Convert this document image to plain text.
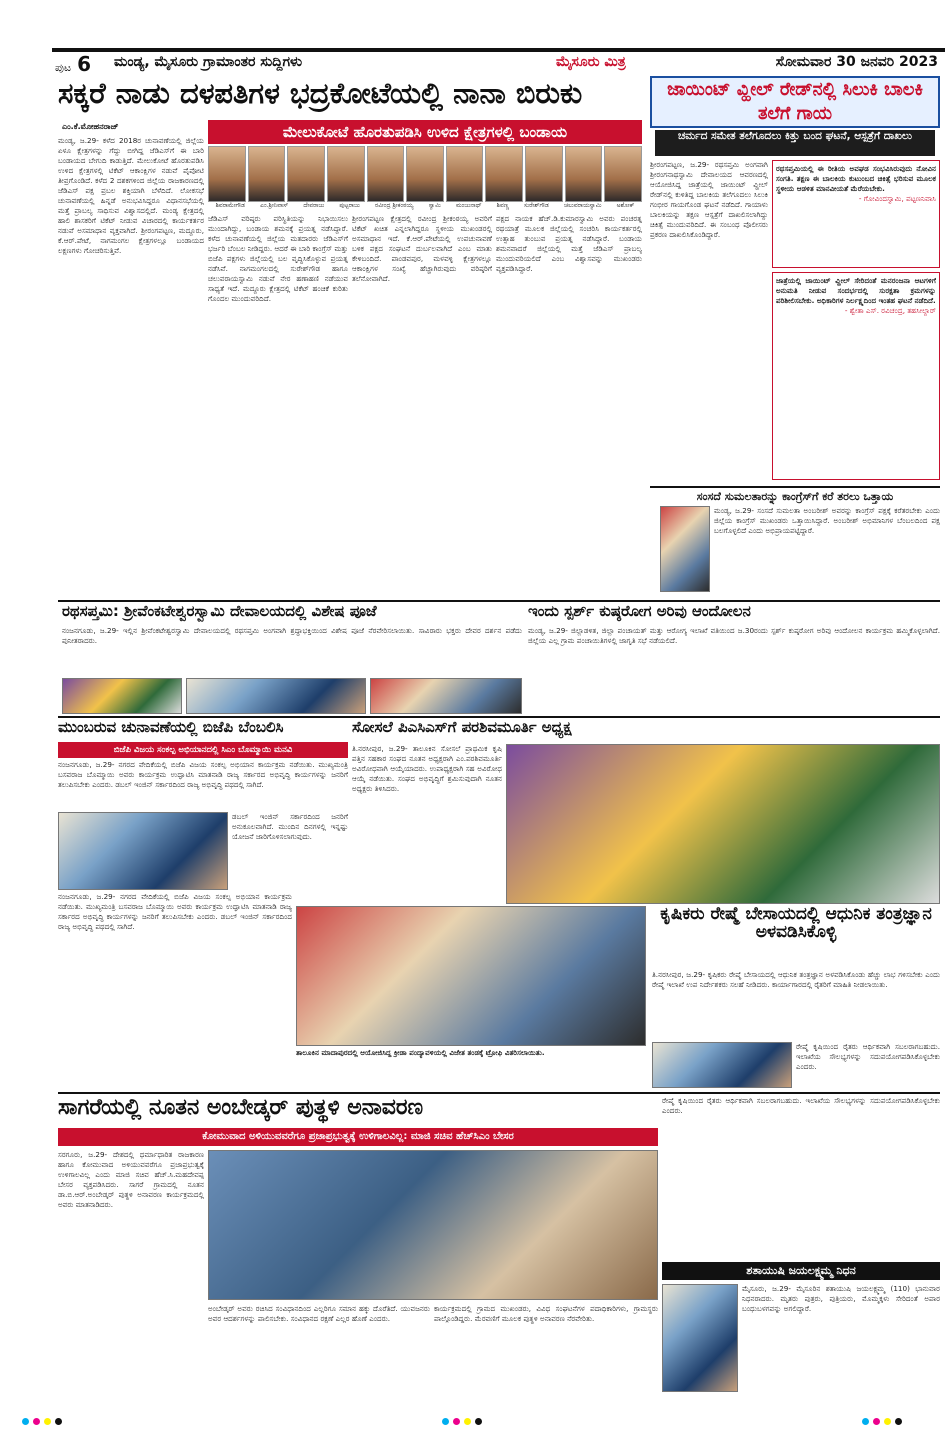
ಪುಟ 6	ಮಂಡ್ಯ, ಮೈಸೂರು ಗ್ರಾಮಾಂತರ ಸುದ್ದಿಗಳು	ಮೈಸೂರು ಮಿತ್ರ	ಸೋಮವಾರ 30 ಜನವರಿ 2023
ಸಕ್ಕರೆ ನಾಡು ದಳಪತಿಗಳ ಭದ್ರಕೋಟೆಯಲ್ಲಿ ನಾನಾ ಬಿರುಕು
ಎಂ.ಕೆ.ಮೋಹನರಾಜ್	ಮೇಲುಕೋಟೆ ಹೊರತುಪಡಿಸಿ ಉಳಿದ ಕ್ಷೇತ್ರಗಳಲ್ಲಿ ಬಂಡಾಯ
ಶಿವರಾಮೇಗೌಡ	ಎಂ.ಶ್ರೀನಿವಾಸ್	ದೇವರಾಜು	ಪುಟ್ಟರಾಜು	ರವೀಂದ್ರ ಶ್ರೀಕಂಠಯ್ಯ	ಸ್ವಾಮಿ	ಮಂಜುನಾಥ್	ಶಿವಣ್ಣ	ಸುರೇಶ್‌ಗೌಡ	ಚಲುವರಾಯಸ್ವಾಮಿ	ಅಶೋಕ್
ಮಂಡ್ಯ, ಜ.29- ಕಳೆದ 2018ರ ಚುನಾವಣೆಯಲ್ಲಿ ಜಿಲ್ಲೆಯ ಏಳೂ ಕ್ಷೇತ್ರಗಳನ್ನು ಗೆದ್ದು ಬೀಗಿದ್ದ ಜೆಡಿಎಸ್‌ಗೆ ಈ ಬಾರಿ ಬಂಡಾಯದ ಬೇಗುದಿ ಕಾಡುತ್ತಿದೆ. ಮೇಲುಕೋಟೆ ಹೊರತುಪಡಿಸಿ ಉಳಿದ ಕ್ಷೇತ್ರಗಳಲ್ಲಿ ಟಿಕೆಟ್ ಆಕಾಂಕ್ಷಿಗಳ ನಡುವೆ ಪೈಪೋಟಿ ತೀವ್ರಗೊಂಡಿದೆ. ಕಳೆದ 2 ದಶಕಗಳಿಂದ ಜಿಲ್ಲೆಯ ರಾಜಕಾರಣದಲ್ಲಿ ಜೆಡಿಎಸ್ ಪಕ್ಷ ಪ್ರಬಲ ಶಕ್ತಿಯಾಗಿ ಬೆಳೆದಿದೆ. ಲೋಕಸಭೆ ಚುನಾವಣೆಯಲ್ಲಿ ಹಿನ್ನಡೆ ಅನುಭವಿಸಿದ್ದರೂ ವಿಧಾನಸಭೆಯಲ್ಲಿ ಮತ್ತೆ ಪ್ರಾಬಲ್ಯ ಸಾಧಿಸುವ ವಿಶ್ವಾಸದಲ್ಲಿದೆ. ಮಂಡ್ಯ ಕ್ಷೇತ್ರದಲ್ಲಿ ಹಾಲಿ ಶಾಸಕರಿಗೆ ಟಿಕೆಟ್ ನೀಡುವ ವಿಚಾರದಲ್ಲಿ ಕಾರ್ಯಕರ್ತರ ನಡುವೆ ಅಸಮಾಧಾನ ವ್ಯಕ್ತವಾಗಿದೆ. ಶ್ರೀರಂಗಪಟ್ಟಣ, ಮದ್ದೂರು, ಕೆ.ಆರ್.ಪೇಟೆ, ನಾಗಮಂಗಲ ಕ್ಷೇತ್ರಗಳಲ್ಲೂ ಬಂಡಾಯದ ಲಕ್ಷಣಗಳು ಗೋಚರಿಸುತ್ತಿವೆ.
ಜೆಡಿಎಸ್ ವರಿಷ್ಠರು ಪರಿಸ್ಥಿತಿಯನ್ನು ನಿಭಾಯಿಸಲು ಮುಂದಾಗಿದ್ದು, ಬಂಡಾಯ ಶಮನಕ್ಕೆ ಪ್ರಯತ್ನ ನಡೆಸಿದ್ದಾರೆ. ಕಳೆದ ಚುನಾವಣೆಯಲ್ಲಿ ಜಿಲ್ಲೆಯ ಮತದಾರರು ಜೆಡಿಎಸ್‌ಗೆ ಭರ್ಜರಿ ಬೆಂಬಲ ನೀಡಿದ್ದರು. ಆದರೆ ಈ ಬಾರಿ ಕಾಂಗ್ರೆಸ್ ಮತ್ತು ಬಿಜೆಪಿ ಪಕ್ಷಗಳು ಜಿಲ್ಲೆಯಲ್ಲಿ ಬಲ ವೃದ್ಧಿಸಿಕೊಳ್ಳುವ ಪ್ರಯತ್ನ ನಡೆಸಿವೆ. ನಾಗಮಂಗಲದಲ್ಲಿ ಸುರೇಶ್‌ಗೌಡ ಹಾಗೂ ಚಲುವರಾಯಸ್ವಾಮಿ ನಡುವೆ ನೇರ ಹಣಾಹಣಿ ನಡೆಯುವ ಸಾಧ್ಯತೆ ಇದೆ. ಮದ್ದೂರು ಕ್ಷೇತ್ರದಲ್ಲಿ ಟಿಕೆಟ್ ಹಂಚಿಕೆ ಕುರಿತು ಗೊಂದಲ ಮುಂದುವರಿದಿದೆ.
ಶ್ರೀರಂಗಪಟ್ಟಣ ಕ್ಷೇತ್ರದಲ್ಲಿ ರವೀಂದ್ರ ಶ್ರೀಕಂಠಯ್ಯ ಅವರಿಗೆ ಟಿಕೆಟ್ ಖಚಿತ ಎನ್ನಲಾಗಿದ್ದರೂ ಸ್ಥಳೀಯ ಮುಖಂಡರಲ್ಲಿ ಅಸಮಾಧಾನ ಇದೆ. ಕೆ.ಆರ್.ಪೇಟೆಯಲ್ಲಿ ಉಪಚುನಾವಣೆ ಬಳಿಕ ಪಕ್ಷದ ಸಂಘಟನೆ ದುರ್ಬಲವಾಗಿದೆ ಎಂಬ ಮಾತು ಕೇಳಿಬಂದಿದೆ. ಪಾಂಡವಪುರ, ಮಳವಳ್ಳಿ ಕ್ಷೇತ್ರಗಳಲ್ಲೂ ಆಕಾಂಕ್ಷಿಗಳ ಸಂಖ್ಯೆ ಹೆಚ್ಚಾಗಿರುವುದು ವರಿಷ್ಠರಿಗೆ ತಲೆನೋವಾಗಿದೆ.
ಪಕ್ಷದ ನಾಯಕ ಹೆಚ್.ಡಿ.ಕುಮಾರಸ್ವಾಮಿ ಅವರು ಪಂಚರತ್ನ ರಥಯಾತ್ರೆ ಮೂಲಕ ಜಿಲ್ಲೆಯಲ್ಲಿ ಸಂಚರಿಸಿ ಕಾರ್ಯಕರ್ತರಲ್ಲಿ ಉತ್ಸಾಹ ತುಂಬುವ ಪ್ರಯತ್ನ ನಡೆಸಿದ್ದಾರೆ. ಬಂಡಾಯ ಶಮನವಾದರೆ ಜಿಲ್ಲೆಯಲ್ಲಿ ಮತ್ತೆ ಜೆಡಿಎಸ್ ಪ್ರಾಬಲ್ಯ ಮುಂದುವರಿಯಲಿದೆ ಎಂಬ ವಿಶ್ವಾಸವನ್ನು ಮುಖಂಡರು ವ್ಯಕ್ತಪಡಿಸಿದ್ದಾರೆ.
ಜಾಯಿಂಟ್ ವ್ಹೀಲ್ ರೇಡ್‌ನಲ್ಲಿ ಸಿಲುಕಿ ಬಾಲಕಿ ತಲೆಗೆ ಗಾಯ
ಚರ್ಮದ ಸಮೇತ ತಲೆಗೂದಲು ಕಿತ್ತು ಬಂದ ಘಟನೆ, ಆಸ್ಪತ್ರೆಗೆ ದಾಖಲು
ಶ್ರೀರಂಗಪಟ್ಟಣ, ಜ.29- ರಥಸಪ್ತಮಿ ಅಂಗವಾಗಿ ಶ್ರೀರಂಗನಾಥಸ್ವಾಮಿ ದೇವಾಲಯದ ಆವರಣದಲ್ಲಿ ಆಯೋಜಿಸಿದ್ದ ಜಾತ್ರೆಯಲ್ಲಿ ಜಾಯಿಂಟ್ ವ್ಹೀಲ್ ರೇಡ್‌ನಲ್ಲಿ ಕುಳಿತಿದ್ದ ಬಾಲಕಿಯ ತಲೆಗೂದಲು ಸಿಲುಕಿ ಗಂಭೀರ ಗಾಯಗೊಂಡ ಘಟನೆ ನಡೆದಿದೆ. ಗಾಯಾಳು ಬಾಲಕಿಯನ್ನು ತಕ್ಷಣ ಆಸ್ಪತ್ರೆಗೆ ದಾಖಲಿಸಲಾಗಿದ್ದು ಚಿಕಿತ್ಸೆ ಮುಂದುವರಿದಿದೆ. ಈ ಸಂಬಂಧ ಪೊಲೀಸರು ಪ್ರಕರಣ ದಾಖಲಿಸಿಕೊಂಡಿದ್ದಾರೆ.
ರಥಸಪ್ತಮಿಯಲ್ಲಿ ಈ ರೀತಿಯ ಅವಘಡ ಸಂಭವಿಸಿರುವುದು ನೋವಿನ ಸಂಗತಿ. ತಕ್ಷಣ ಈ ಬಾಲಕಿಯ ಕುಟುಂಬದ ಚಿಕಿತ್ಸೆ ಭರಿಸುವ ಮೂಲಕ ಸ್ಥಳೀಯ ಆಡಳಿತ ಮಾನವೀಯತೆ ಮೆರೆಯಬೇಕು.
- ಗೋವಿಂದಸ್ವಾಮಿ, ಪಟ್ಟಣನಿವಾಸಿ
ಜಾತ್ರೆಯಲ್ಲಿ ಜಾಯಿಂಟ್ ವ್ಹೀಲ್ ಸೇರಿದಂತೆ ಮನರಂಜನಾ ಆಟಗಳಿಗೆ ಅನುಮತಿ ನೀಡುವ ಸಂದರ್ಭದಲ್ಲಿ ಸುರಕ್ಷತಾ ಕ್ರಮಗಳನ್ನು ಪರಿಶೀಲಿಸಬೇಕು. ಅಧಿಕಾರಿಗಳ ನಿರ್ಲಕ್ಷ್ಯದಿಂದ ಇಂತಹ ಘಟನೆ ನಡೆದಿದೆ.
- ಶ್ವೇತಾ ಎಸ್. ರವಿಚಂದ್ರ, ತಹಸೀಲ್ದಾರ್
ಸಂಸದೆ ಸುಮಲತಾರನ್ನು ಕಾಂಗ್ರೆಸ್‌ಗೆ ಕರೆ ತರಲು ಒತ್ತಾಯ
ಮಂಡ್ಯ, ಜ.29- ಸಂಸದೆ ಸುಮಲತಾ ಅಂಬರೀಶ್ ಅವರನ್ನು ಕಾಂಗ್ರೆಸ್ ಪಕ್ಷಕ್ಕೆ ಕರೆತರಬೇಕು ಎಂದು ಜಿಲ್ಲೆಯ ಕಾಂಗ್ರೆಸ್ ಮುಖಂಡರು ಒತ್ತಾಯಿಸಿದ್ದಾರೆ. ಅಂಬರೀಶ್ ಅಭಿಮಾನಿಗಳ ಬೆಂಬಲದಿಂದ ಪಕ್ಷ ಬಲಗೊಳ್ಳಲಿದೆ ಎಂದು ಅಭಿಪ್ರಾಯಪಟ್ಟಿದ್ದಾರೆ.
ರಥಸಪ್ತಮಿ: ಶ್ರೀವೆಂಕಟೇಶ್ವರಸ್ವಾಮಿ ದೇವಾಲಯದಲ್ಲಿ ವಿಶೇಷ ಪೂಜೆ
ನಂಜನಗೂಡು, ಜ.29- ಇಲ್ಲಿನ ಶ್ರೀವೆಂಕಟೇಶ್ವರಸ್ವಾಮಿ ದೇವಾಲಯದಲ್ಲಿ ರಥಸಪ್ತಮಿ ಅಂಗವಾಗಿ ಶ್ರದ್ಧಾಭಕ್ತಿಯಿಂದ ವಿಶೇಷ ಪೂಜೆ ನೆರವೇರಿಸಲಾಯಿತು. ಸಾವಿರಾರು ಭಕ್ತರು ದೇವರ ದರ್ಶನ ಪಡೆದು ಪುನೀತರಾದರು.
ಇಂದು ಸ್ಪರ್ಶ್ ಕುಷ್ಠರೋಗ ಅರಿವು ಆಂದೋಲನ
ಮಂಡ್ಯ, ಜ.29- ಜಿಲ್ಲಾಡಳಿತ, ಜಿಲ್ಲಾ ಪಂಚಾಯತ್ ಮತ್ತು ಆರೋಗ್ಯ ಇಲಾಖೆ ವತಿಯಿಂದ ಜ.30ರಂದು ಸ್ಪರ್ಶ್ ಕುಷ್ಠರೋಗ ಅರಿವು ಆಂದೋಲನ ಕಾರ್ಯಕ್ರಮ ಹಮ್ಮಿಕೊಳ್ಳಲಾಗಿದೆ. ಜಿಲ್ಲೆಯ ಎಲ್ಲ ಗ್ರಾಮ ಪಂಚಾಯಿತಿಗಳಲ್ಲಿ ಜಾಗೃತಿ ಸಭೆ ನಡೆಯಲಿದೆ.
ಮುಂಬರುವ ಚುನಾವಣೆಯಲ್ಲಿ ಬಿಜೆಪಿ ಬೆಂಬಲಿಸಿ
ಬಿಜೆಪಿ ವಿಜಯ ಸಂಕಲ್ಪ ಅಭಿಯಾನದಲ್ಲಿ ಸಿಎಂ ಬೊಮ್ಮಾಯಿ ಮನವಿ
ನಂಜನಗೂಡು, ಜ.29- ನಗರದ ವೇದಿಕೆಯಲ್ಲಿ ಬಿಜೆಪಿ ವಿಜಯ ಸಂಕಲ್ಪ ಅಭಿಯಾನ ಕಾರ್ಯಕ್ರಮ ನಡೆಯಿತು. ಮುಖ್ಯಮಂತ್ರಿ ಬಸವರಾಜ ಬೊಮ್ಮಾಯಿ ಅವರು ಕಾರ್ಯಕ್ರಮ ಉದ್ಘಾಟಿಸಿ ಮಾತನಾಡಿ ರಾಜ್ಯ ಸರ್ಕಾರದ ಅಭಿವೃದ್ಧಿ ಕಾರ್ಯಗಳನ್ನು ಜನರಿಗೆ ತಲುಪಿಸಬೇಕು ಎಂದರು. ಡಬಲ್ ಇಂಜಿನ್ ಸರ್ಕಾರದಿಂದ ರಾಜ್ಯ ಅಭಿವೃದ್ಧಿ ಪಥದಲ್ಲಿ ಸಾಗಿದೆ.
ಡಬಲ್ ಇಂಜಿನ್ ಸರ್ಕಾರದಿಂದ ಜನರಿಗೆ ಅನುಕೂಲವಾಗಿದೆ. ಮುಂದಿನ ದಿನಗಳಲ್ಲಿ ಇನ್ನಷ್ಟು ಯೋಜನೆ ಜಾರಿಗೊಳಿಸಲಾಗುವುದು.
ಸೋಸಲೆ ಪಿಎಸಿಎಸ್‌ಗೆ ಪರಶಿವಮೂರ್ತಿ ಅಧ್ಯಕ್ಷ
ತಿ.ನರಸೀಪುರ, ಜ.29- ತಾಲೂಕಿನ ಸೋಸಲೆ ಪ್ರಾಥಮಿಕ ಕೃಷಿ ಪತ್ತಿನ ಸಹಕಾರ ಸಂಘದ ನೂತನ ಅಧ್ಯಕ್ಷರಾಗಿ ಎಂ.ಪರಶಿವಮೂರ್ತಿ ಅವಿರೋಧವಾಗಿ ಆಯ್ಕೆಯಾದರು. ಉಪಾಧ್ಯಕ್ಷರಾಗಿ ಸಹ ಅವಿರೋಧ ಆಯ್ಕೆ ನಡೆಯಿತು. ಸಂಘದ ಅಭಿವೃದ್ಧಿಗೆ ಶ್ರಮಿಸುವುದಾಗಿ ನೂತನ ಅಧ್ಯಕ್ಷರು ತಿಳಿಸಿದರು.
ತಾಲೂಕಿನ ಮಾದಾಪುರದಲ್ಲಿ ಆಯೋಜಿಸಿದ್ದ ಕ್ರೀಡಾ ಪಂದ್ಯಾವಳಿಯಲ್ಲಿ ವಿಜೇತ ತಂಡಕ್ಕೆ ಟ್ರೋಫಿ ವಿತರಿಸಲಾಯಿತು.
ನಂಜನಗೂಡು, ಜ.29- ನಗರದ ವೇದಿಕೆಯಲ್ಲಿ ಬಿಜೆಪಿ ವಿಜಯ ಸಂಕಲ್ಪ ಅಭಿಯಾನ ಕಾರ್ಯಕ್ರಮ ನಡೆಯಿತು. ಮುಖ್ಯಮಂತ್ರಿ ಬಸವರಾಜ ಬೊಮ್ಮಾಯಿ ಅವರು ಕಾರ್ಯಕ್ರಮ ಉದ್ಘಾಟಿಸಿ ಮಾತನಾಡಿ ರಾಜ್ಯ ಸರ್ಕಾರದ ಅಭಿವೃದ್ಧಿ ಕಾರ್ಯಗಳನ್ನು ಜನರಿಗೆ ತಲುಪಿಸಬೇಕು ಎಂದರು. ಡಬಲ್ ಇಂಜಿನ್ ಸರ್ಕಾರದಿಂದ ರಾಜ್ಯ ಅಭಿವೃದ್ಧಿ ಪಥದಲ್ಲಿ ಸಾಗಿದೆ.
ಕೃಷಿಕರು ರೇಷ್ಮೆ ಬೇಸಾಯದಲ್ಲಿ ಆಧುನಿಕ ತಂತ್ರಜ್ಞಾನ ಅಳವಡಿಸಿಕೊಳ್ಳಿ
ತಿ.ನರಸೀಪುರ, ಜ.29- ಕೃಷಿಕರು ರೇಷ್ಮೆ ಬೇಸಾಯದಲ್ಲಿ ಆಧುನಿಕ ತಂತ್ರಜ್ಞಾನ ಅಳವಡಿಸಿಕೊಂಡು ಹೆಚ್ಚು ಲಾಭ ಗಳಿಸಬೇಕು ಎಂದು ರೇಷ್ಮೆ ಇಲಾಖೆ ಉಪ ನಿರ್ದೇಶಕರು ಸಲಹೆ ನೀಡಿದರು. ಕಾರ್ಯಾಗಾರದಲ್ಲಿ ರೈತರಿಗೆ ಮಾಹಿತಿ ನೀಡಲಾಯಿತು.
ರೇಷ್ಮೆ ಕೃಷಿಯಿಂದ ರೈತರು ಆರ್ಥಿಕವಾಗಿ ಸಬಲರಾಗಬಹುದು. ಇಲಾಖೆಯ ಸೌಲಭ್ಯಗಳನ್ನು ಸದುಪಯೋಗಪಡಿಸಿಕೊಳ್ಳಬೇಕು ಎಂದರು.
ಸಾಗರೆಯಲ್ಲಿ ನೂತನ ಅಂಬೇಡ್ಕರ್ ಪುತ್ಥಳಿ ಅನಾವರಣ
ಕೋಮುವಾದ ಅಳಿಯುವವರೆಗೂ ಪ್ರಜಾಪ್ರಭುತ್ವಕ್ಕೆ ಉಳಿಗಾಲವಿಲ್ಲ: ಮಾಜಿ ಸಚಿವ ಹೆಚ್‌ಸಿಎಂ ಬೇಸರ
ಸರಗೂರು, ಜ.29- ದೇಶದಲ್ಲಿ ಧರ್ಮಾಧಾರಿತ ರಾಜಕಾರಣ ಹಾಗೂ ಕೋಮುವಾದ ಅಳಿಯುವವರೆಗೂ ಪ್ರಜಾಪ್ರಭುತ್ವಕ್ಕೆ ಉಳಿಗಾಲವಿಲ್ಲ ಎಂದು ಮಾಜಿ ಸಚಿವ ಹೆಚ್.ಸಿ.ಮಹದೇವಪ್ಪ ಬೇಸರ ವ್ಯಕ್ತಪಡಿಸಿದರು. ಸಾಗರೆ ಗ್ರಾಮದಲ್ಲಿ ನೂತನ ಡಾ.ಬಿ.ಆರ್.ಅಂಬೇಡ್ಕರ್ ಪುತ್ಥಳಿ ಅನಾವರಣ ಕಾರ್ಯಕ್ರಮದಲ್ಲಿ ಅವರು ಮಾತನಾಡಿದರು.
ಅಂಬೇಡ್ಕರ್ ಅವರು ರಚಿಸಿದ ಸಂವಿಧಾನದಿಂದ ಎಲ್ಲರಿಗೂ ಸಮಾನ ಹಕ್ಕು ದೊರೆತಿದೆ. ಯುವಜನರು ಅವರ ಆದರ್ಶಗಳನ್ನು ಪಾಲಿಸಬೇಕು. ಸಂವಿಧಾನದ ರಕ್ಷಣೆ ಎಲ್ಲರ ಹೊಣೆ ಎಂದರು.
ಕಾರ್ಯಕ್ರಮದಲ್ಲಿ ಗ್ರಾಮದ ಮುಖಂಡರು, ವಿವಿಧ ಸಂಘಟನೆಗಳ ಪದಾಧಿಕಾರಿಗಳು, ಗ್ರಾಮಸ್ಥರು ಪಾಲ್ಗೊಂಡಿದ್ದರು. ಮೆರವಣಿಗೆ ಮೂಲಕ ಪುತ್ಥಳಿ ಅನಾವರಣ ನೆರವೇರಿತು.
ರೇಷ್ಮೆ ಕೃಷಿಯಿಂದ ರೈತರು ಆರ್ಥಿಕವಾಗಿ ಸಬಲರಾಗಬಹುದು. ಇಲಾಖೆಯ ಸೌಲಭ್ಯಗಳನ್ನು ಸದುಪಯೋಗಪಡಿಸಿಕೊಳ್ಳಬೇಕು ಎಂದರು.
ಶತಾಯುಷಿ ಜಯಲಕ್ಷ್ಮಮ್ಮ ನಿಧನ
ಮೈಸೂರು, ಜ.29- ಮೈಸೂರಿನ ಶತಾಯುಷಿ ಜಯಲಕ್ಷ್ಮಮ್ಮ (110) ಭಾನುವಾರ ನಿಧನರಾದರು. ಮೃತರು ಪುತ್ರರು, ಪುತ್ರಿಯರು, ಮೊಮ್ಮಕ್ಕಳು ಸೇರಿದಂತೆ ಅಪಾರ ಬಂಧುಬಳಗವನ್ನು ಅಗಲಿದ್ದಾರೆ.
